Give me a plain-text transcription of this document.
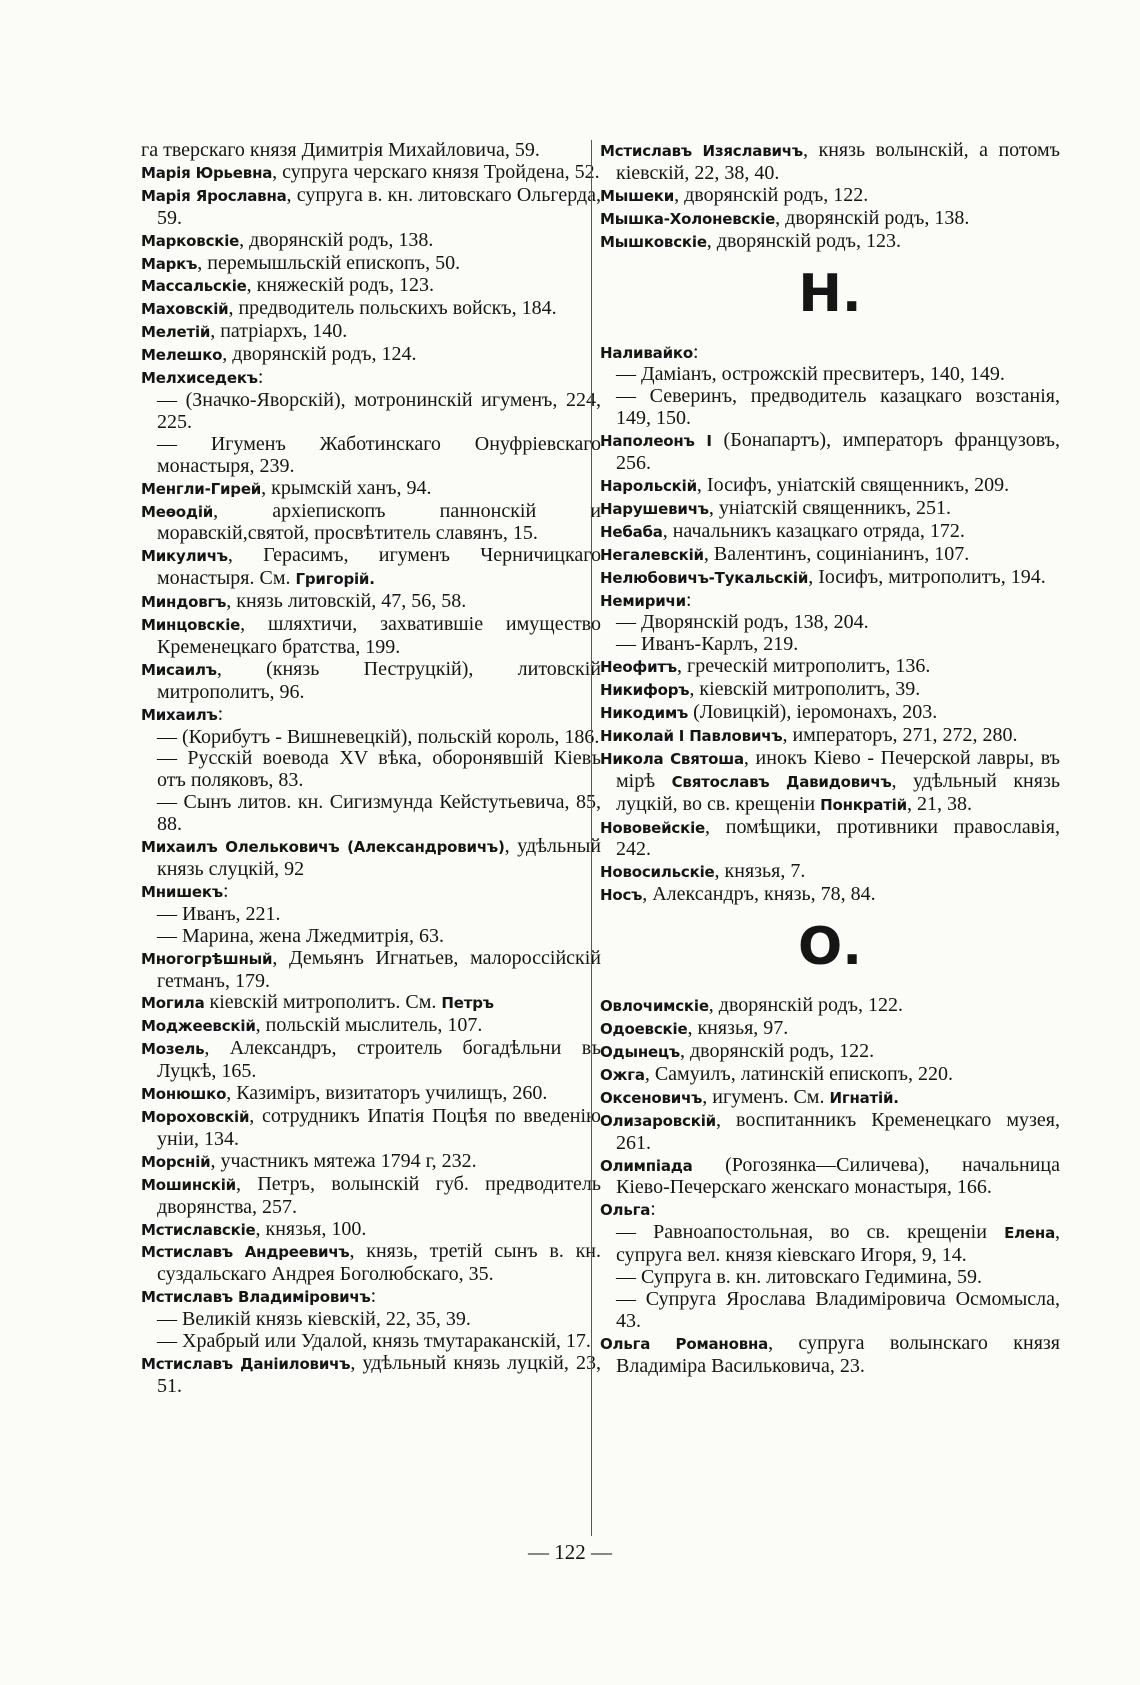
га тверскаго князя Димитрія Михайловича, 59.

Марія Юрьевна, супруга черскаго князя Тройдена, 52.

Марія Ярославна, супруга в. кн. литовскаго Ольгерда, 59.

Марковскіе, дворянскій родъ, 138.

Маркъ, перемышльскій епископъ, 50.

Массальскіе, княжескій родъ, 123.

Маховскій, предводитель польскихъ войскъ, 184.

Мелетій, патріархъ, 140.

Мелешко, дворянскій родъ, 124.

Мелхиседекъ:

— (Значко-Яворскій), мотронинскій игуменъ, 224, 225.

— Игуменъ Жаботинскаго Онуфріевскаго монастыря, 239.

Менгли-Гирей, крымскій ханъ, 94.

Меѳодій, архіепископъ паннонскій и моравскій,святой, просвѣтитель славянъ, 15.

Микуличъ, Герасимъ, игуменъ Черничицкаго монастыря. См. Григорій.

Миндовгъ, князь литовскій, 47, 56, 58.

Минцовскіе, шляхтичи, захватившіе имущество Кременецкаго братства, 199.

Мисаилъ, (князь Пеструцкій), литовскій митрополитъ, 96.

Михаилъ:

— (Корибутъ - Вишневецкій), польскій король, 186.

— Русскій воевода XV вѣка, оборонявшій Кіевъ отъ поляковъ, 83.

— Сынъ литов. кн. Сигизмунда Кейстутьевича, 85, 88.

Михаилъ Олельковичъ (Александровичъ), удѣльный князь слуцкій, 92

Мнишекъ:

— Иванъ, 221.

— Марина, жена Лжедмитрія, 63.

Многогрѣшный, Демьянъ Игнатьев, малороссійскій гетманъ, 179.

Могила кіевскій митрополитъ. См. Петръ

Моджеевскій, польскій мыслитель, 107.

Мозель, Александръ, строитель богадѣльни въ Луцкѣ, 165.

Монюшко, Казиміръ, визитаторъ училищъ, 260.

Мороховскій, сотрудникъ Ипатія Поцѣя по введенію уніи, 134.

Морсній, участникъ мятежа 1794 г, 232.

Мошинскій, Петръ, волынскій губ. предводитель дворянства, 257.

Мстиславскіе, князья, 100.

Мстиславъ Андреевичъ, князь, третій сынъ в. кн. суздальскаго Андрея Боголюбскаго, 35.

Мстиславъ Владиміровичъ:

— Великій князь кіевскій, 22, 35, 39.

— Храбрый или Удалой, князь тмутараканскій, 17.

Мстиславъ Даніиловичъ, удѣльный князь луцкій, 23, 51.

Мстиславъ Изяславичъ, князь волынскій, а потомъ кіевскій, 22, 38, 40.

Мышеки, дворянскій родъ, 122.

Мышка-Холоневскіе, дворянскій родъ, 138.

Мышковскіе, дворянскій родъ, 123.

Н.

Наливайко:

— Даміанъ, острожскій пресвитеръ, 140, 149.

— Северинъ, предводитель казацкаго возстанія, 149, 150.

Наполеонъ I (Бонапартъ), императоръ французовъ, 256.

Нарольскій, Іосифъ, уніатскій священникъ, 209.

Нарушевичъ, уніатскій священникъ, 251.

Небаба, начальникъ казацкаго отряда, 172.

Негалевскій, Валентинъ, социніанинъ, 107.

Нелюбовичъ-Тукальскій, Іосифъ, митрополитъ, 194.

Немиричи:

— Дворянскій родъ, 138, 204.

— Иванъ-Карлъ, 219.

Неофитъ, греческій митрополитъ, 136.

Никифоръ, кіевскій митрополитъ, 39.

Никодимъ (Ловицкій), іеромонахъ, 203.

Николай I Павловичъ, императоръ, 271, 272, 280.

Никола Святоша, инокъ Кіево - Печерской лавры, въ мірѣ Святославъ Давидовичъ, удѣльный князь луцкій, во св. крещеніи Понкратій, 21, 38.

Нововейскіе, помѣщики, противники православія, 242.

Новосильскіе, князья, 7.

Носъ, Александръ, князь, 78, 84.

О.

Овлочимскіе, дворянскій родъ, 122.

Одоевскіе, князья, 97.

Одынецъ, дворянскій родъ, 122.

Ожга, Самуилъ, латинскій епископъ, 220.

Оксеновичъ, игуменъ. См. Игнатій.

Олизаровскій, воспитанникъ Кременецкаго музея, 261.

Олимпіада (Рогозянка—Силичева), начальница Кіево-Печерскаго женскаго монастыря, 166.

Ольга:

— Равноапостольная, во св. крещеніи Елена, супруга вел. князя кіевскаго Игоря, 9, 14.

— Супруга в. кн. литовскаго Гедимина, 59.

— Супруга Ярослава Владиміровича Осмомысла, 43.

Ольга Романовна, супруга волынскаго князя Владиміра Васильковича, 23.

— 122 —
